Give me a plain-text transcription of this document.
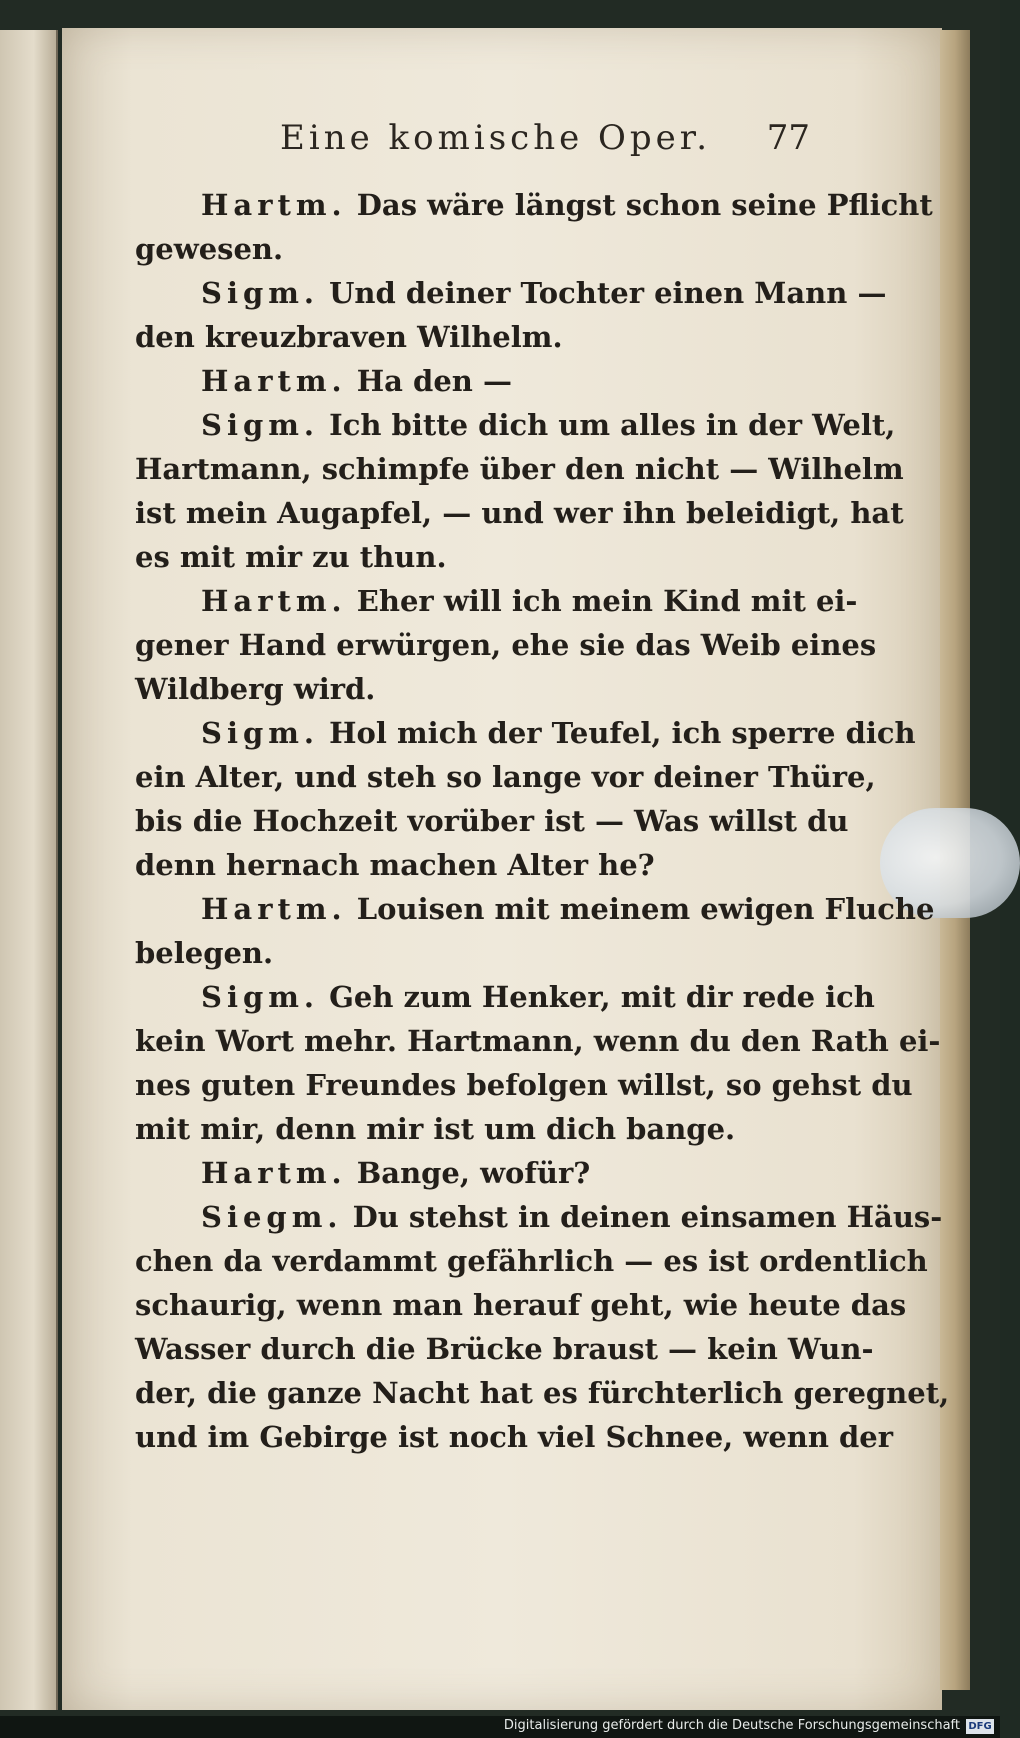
Eine komische Oper. 77
Hartm. Das wäre längst schon seine Pflicht
gewesen.
Sigm. Und deiner Tochter einen Mann —
den kreuzbraven Wilhelm.
Hartm. Ha den —
Sigm. Ich bitte dich um alles in der Welt,
Hartmann, schimpfe über den nicht — Wilhelm
ist mein Augapfel, — und wer ihn beleidigt, hat
es mit mir zu thun.
Hartm. Eher will ich mein Kind mit ei-
gener Hand erwürgen, ehe sie das Weib eines
Wildberg wird.
Sigm. Hol mich der Teufel, ich sperre dich
ein Alter, und steh so lange vor deiner Thüre,
bis die Hochzeit vorüber ist — Was willst du
denn hernach machen Alter he?
Hartm. Louisen mit meinem ewigen Fluche
belegen.
Sigm. Geh zum Henker, mit dir rede ich
kein Wort mehr. Hartmann, wenn du den Rath ei-
nes guten Freundes befolgen willst, so gehst du
mit mir, denn mir ist um dich bange.
Hartm. Bange, wofür?
Siegm. Du stehst in deinen einsamen Häus-
chen da verdammt gefährlich — es ist ordentlich
schaurig, wenn man herauf geht, wie heute das
Wasser durch die Brücke braust — kein Wun-
der, die ganze Nacht hat es fürchterlich geregnet,
und im Gebirge ist noch viel Schnee, wenn der
Digitalisierung gefördert durch die Deutsche Forschungsgemeinschaft DFG
